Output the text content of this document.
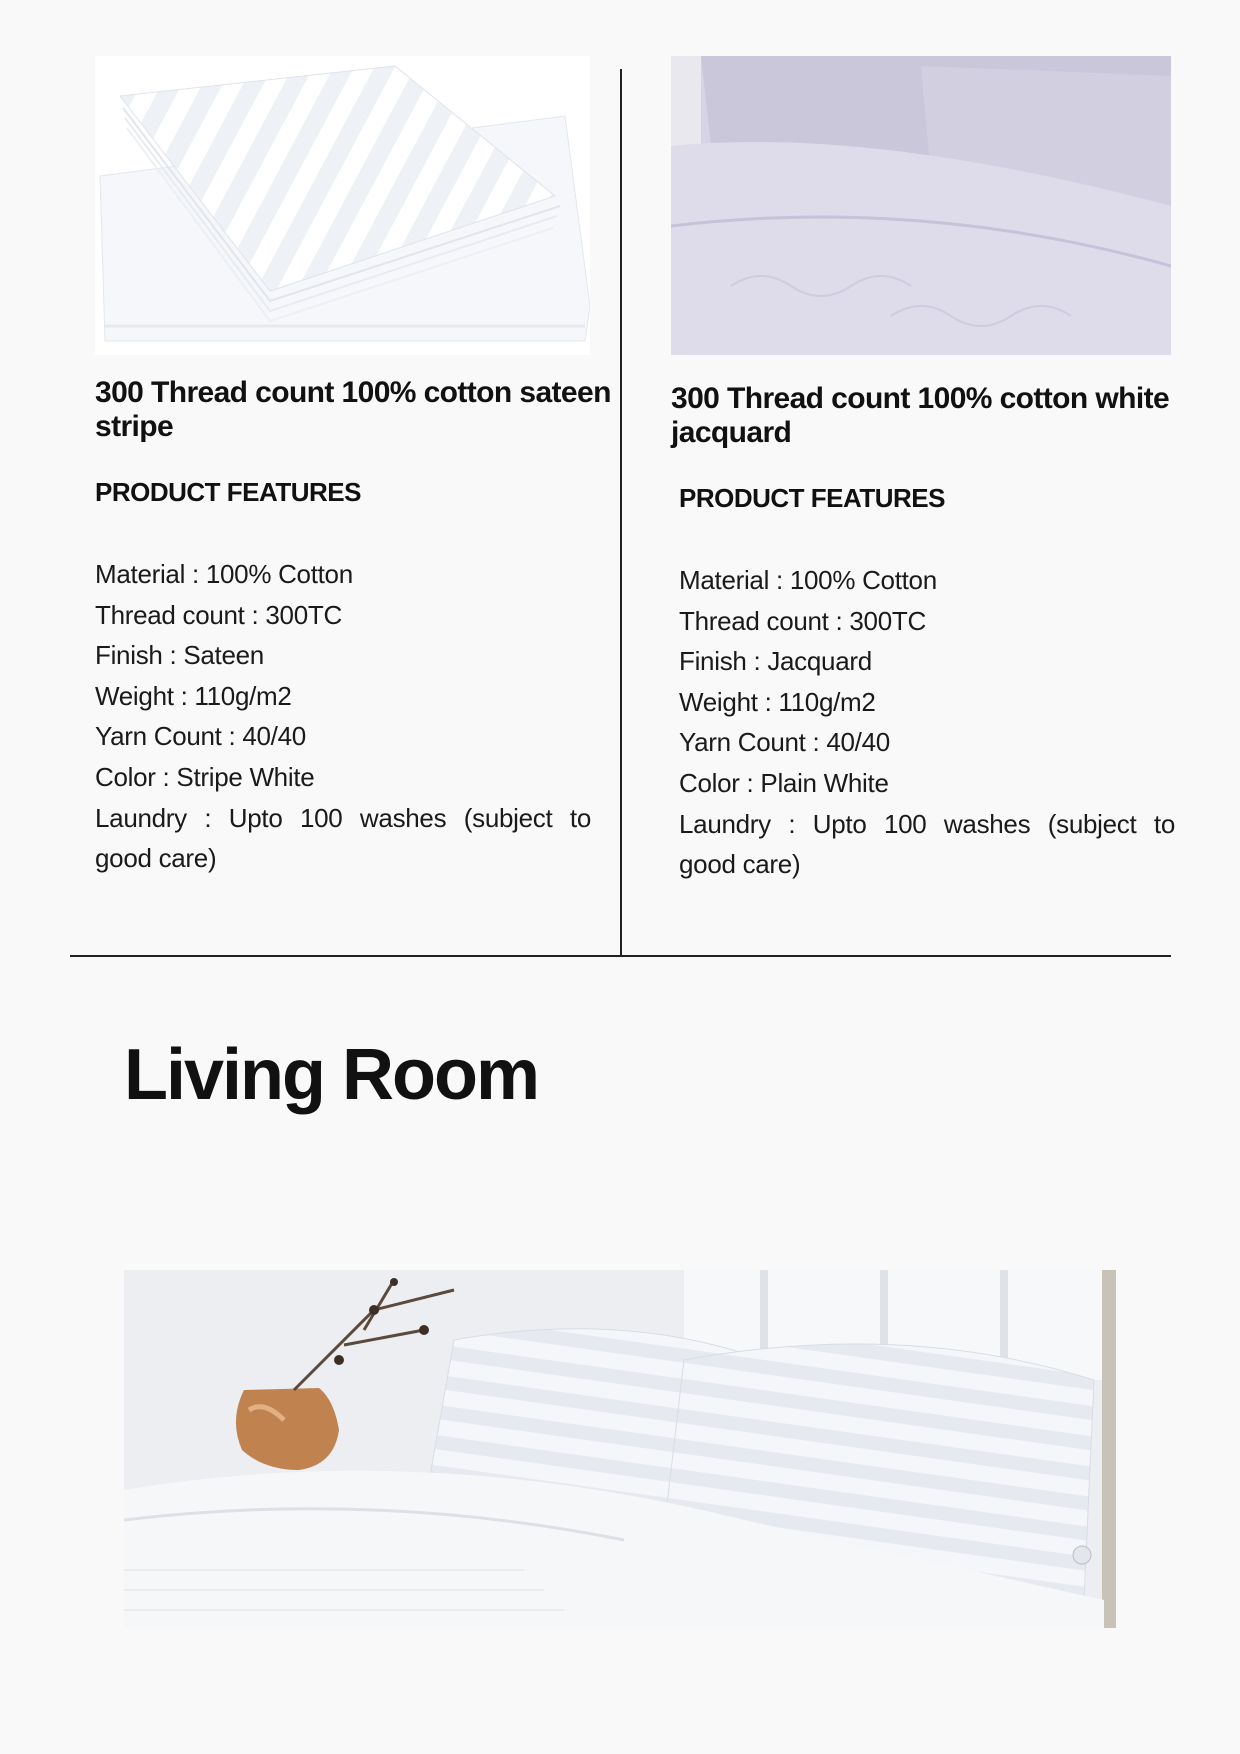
300 Thread count 100% cotton sateen stripe
PRODUCT FEATURES
Material : 100% Cotton
Thread count : 300TC
Finish : Sateen
Weight : 110g/m2
Yarn Count : 40/40
Color : Stripe White
Laundry : Upto 100 washes (subject to good care)
300 Thread count 100% cotton white jacquard
PRODUCT FEATURES
Material : 100% Cotton
Thread count : 300TC
Finish : Jacquard
Weight : 110g/m2
Yarn Count : 40/40
Color : Plain White
Laundry : Upto 100 washes (subject to good care)
Living Room
